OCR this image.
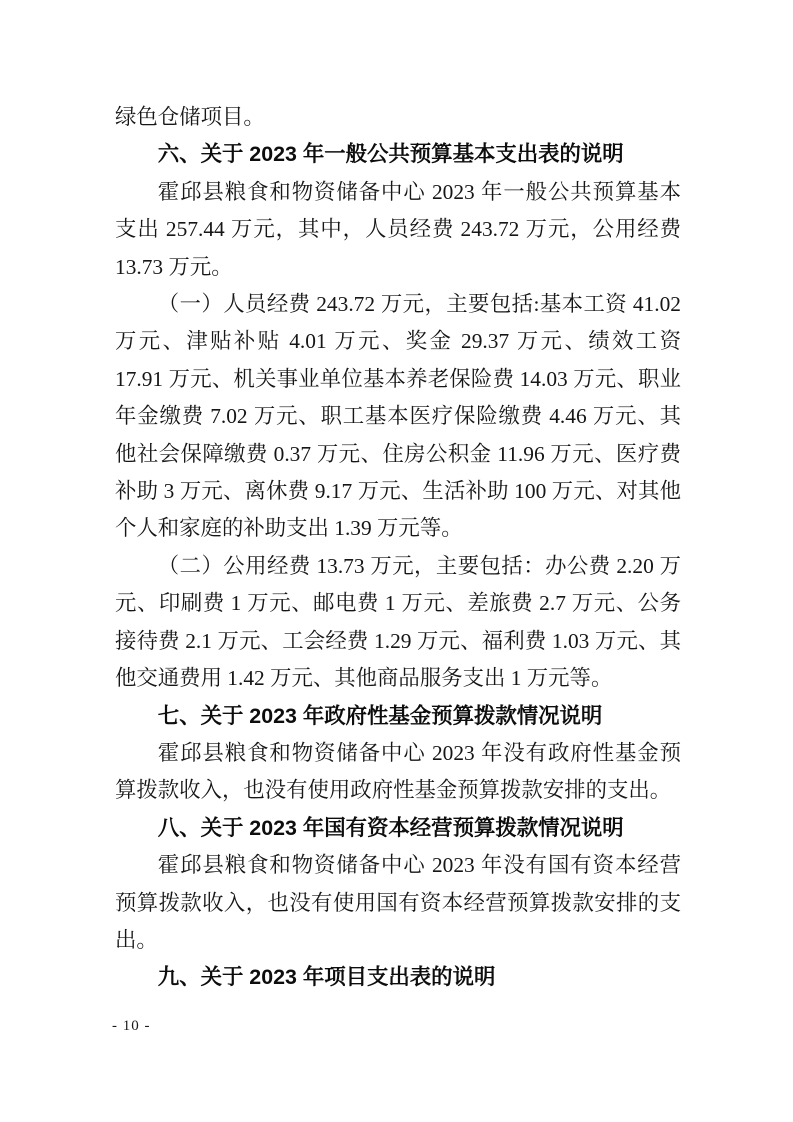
绿色仓储项目。

六、关于 2023 年一般公共预算基本支出表的说明

霍邱县粮食和物资储备中心 2023 年一般公共预算基本支出 257.44 万元，其中，人员经费 243.72 万元，公用经费 13.73 万元。

（一）人员经费 243.72 万元，主要包括:基本工资 41.02 万元、津贴补贴 4.01 万元、奖金 29.37 万元、绩效工资 17.91 万元、机关事业单位基本养老保险费 14.03 万元、职业年金缴费 7.02 万元、职工基本医疗保险缴费 4.46 万元、其他社会保障缴费 0.37 万元、住房公积金 11.96 万元、医疗费补助 3 万元、离休费 9.17 万元、生活补助 100 万元、对其他个人和家庭的补助支出 1.39 万元等。

（二）公用经费 13.73 万元，主要包括：办公费 2.20 万元、印刷费 1 万元、邮电费 1 万元、差旅费 2.7 万元、公务接待费 2.1 万元、工会经费 1.29 万元、福利费 1.03 万元、其他交通费用 1.42 万元、其他商品服务支出 1 万元等。

七、关于 2023 年政府性基金预算拨款情况说明

霍邱县粮食和物资储备中心 2023 年没有政府性基金预算拨款收入，也没有使用政府性基金预算拨款安排的支出。

八、关于 2023 年国有资本经营预算拨款情况说明

霍邱县粮食和物资储备中心 2023 年没有国有资本经营预算拨款收入，也没有使用国有资本经营预算拨款安排的支出。

九、关于 2023 年项目支出表的说明

- 10 -
